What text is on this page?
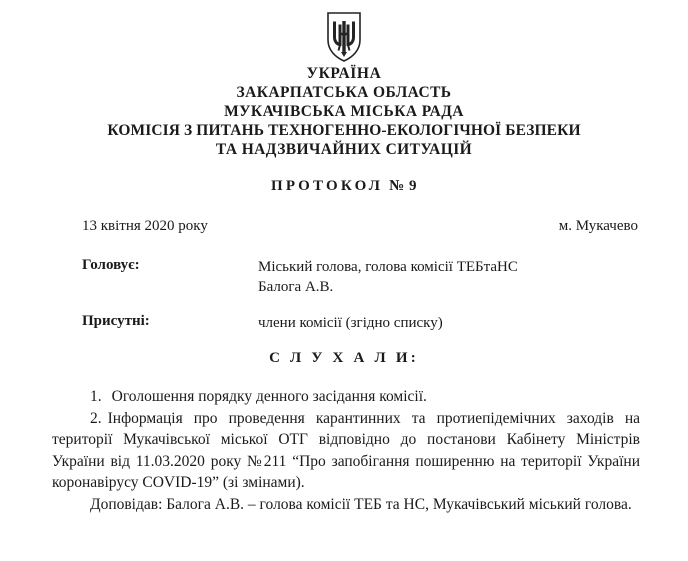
УКРАЇНА
ЗАКАРПАТСЬКА ОБЛАСТЬ
МУКАЧІВСЬКА МІСЬКА РАДА
КОМІСІЯ З ПИТАНЬ ТЕХНОГЕННО-ЕКОЛОГІЧНОЇ БЕЗПЕКИ
ТА НАДЗВИЧАЙНИХ СИТУАЦІЙ
ПРОТОКОЛ № 9
13 квітня 2020 року	м. Мукачево
Головує:	Міський голова, голова комісії ТЕБтаНС
Балога А.В.
Присутні:	члени комісії (згідно списку)
С Л У Х А Л И:

1. Оголошення порядку денного засідання комісії.

2. Інформація про проведення карантинних та протиепідемічних заходів на території Мукачівської міської ОТГ відповідно до постанови Кабінету Міністрів України від 11.03.2020 року №211 “Про запобігання поширенню на території України коронавірусу COVID-19” (зі змінами).

Доповідав: Балога А.В. – голова комісії ТЕБ та НС, Мукачівський міський голова.
